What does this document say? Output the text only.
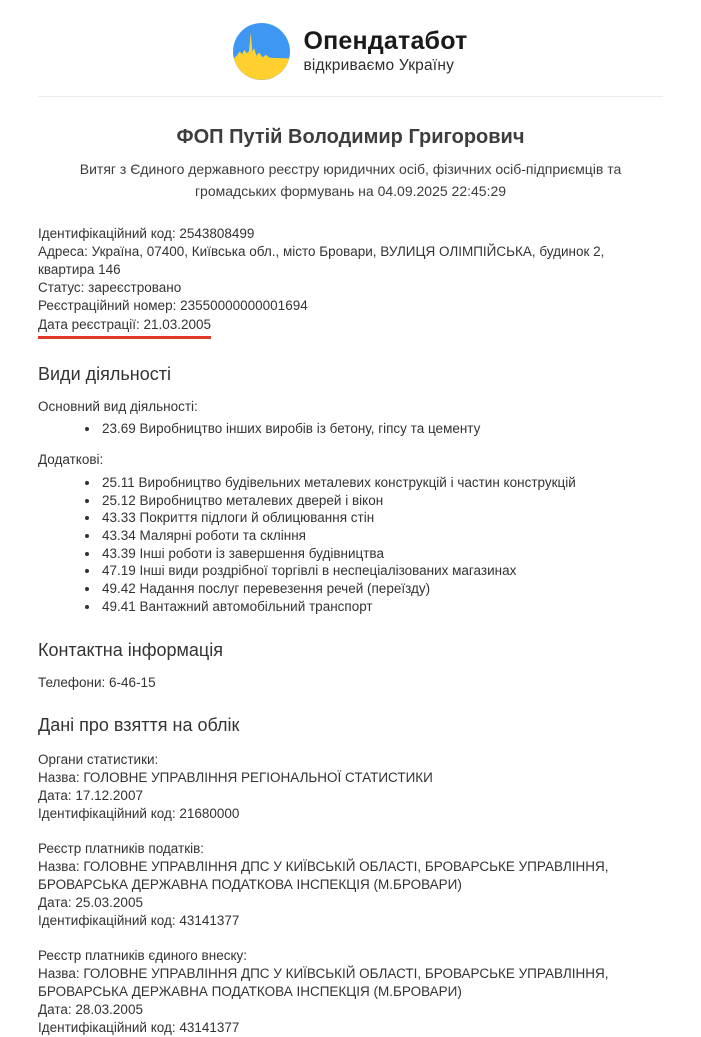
Опендатабот
відкриваємо Україну
ФОП Путій Володимир Григорович

Витяг з Єдиного державного реєстру юридичних осіб, фізичних осіб-підприємців та громадських формувань на 04.09.2025 22:45:29

Ідентифікаційний код: 2543808499
Адреса: Україна, 07400, Київська обл., місто Бровари, ВУЛИЦЯ ОЛІМПІЙСЬКА, будинок 2, квартира 146
Статус: зареєстровано
Реєстраційний номер: 23550000000001694
Дата реєстрації: 21.03.2005
Види діяльності
Основний вид діяльності:
• 23.69 Виробництво інших виробів із бетону, гіпсу та цементу
Додаткові:
• 25.11 Виробництво будівельних металевих конструкцій і частин конструкцій
• 25.12 Виробництво металевих дверей і вікон
• 43.33 Покриття підлоги й облицювання стін
• 43.34 Малярні роботи та скління
• 43.39 Інші роботи із завершення будівництва
• 47.19 Інші види роздрібної торгівлі в неспеціалізованих магазинах
• 49.42 Надання послуг перевезення речей (переїзду)
• 49.41 Вантажний автомобільний транспорт
Контактна інформація
Телефони: 6-46-15
Дані про взяття на облік
Органи статистики:
Назва: ГОЛОВНЕ УПРАВЛІННЯ РЕГІОНАЛЬНОЇ СТАТИСТИКИ
Дата: 17.12.2007
Ідентифікаційний код: 21680000
Реєстр платників податків:
Назва: ГОЛОВНЕ УПРАВЛІННЯ ДПС У КИЇВСЬКІЙ ОБЛАСТІ, БРОВАРСЬКЕ УПРАВЛІННЯ, БРОВАРСЬКА ДЕРЖАВНА ПОДАТКОВА ІНСПЕКЦІЯ (М.БРОВАРИ)
Дата: 25.03.2005
Ідентифікаційний код: 43141377
Реєстр платників єдиного внеску:
Назва: ГОЛОВНЕ УПРАВЛІННЯ ДПС У КИЇВСЬКІЙ ОБЛАСТІ, БРОВАРСЬКЕ УПРАВЛІННЯ, БРОВАРСЬКА ДЕРЖАВНА ПОДАТКОВА ІНСПЕКЦІЯ (М.БРОВАРИ)
Дата: 28.03.2005
Ідентифікаційний код: 43141377
